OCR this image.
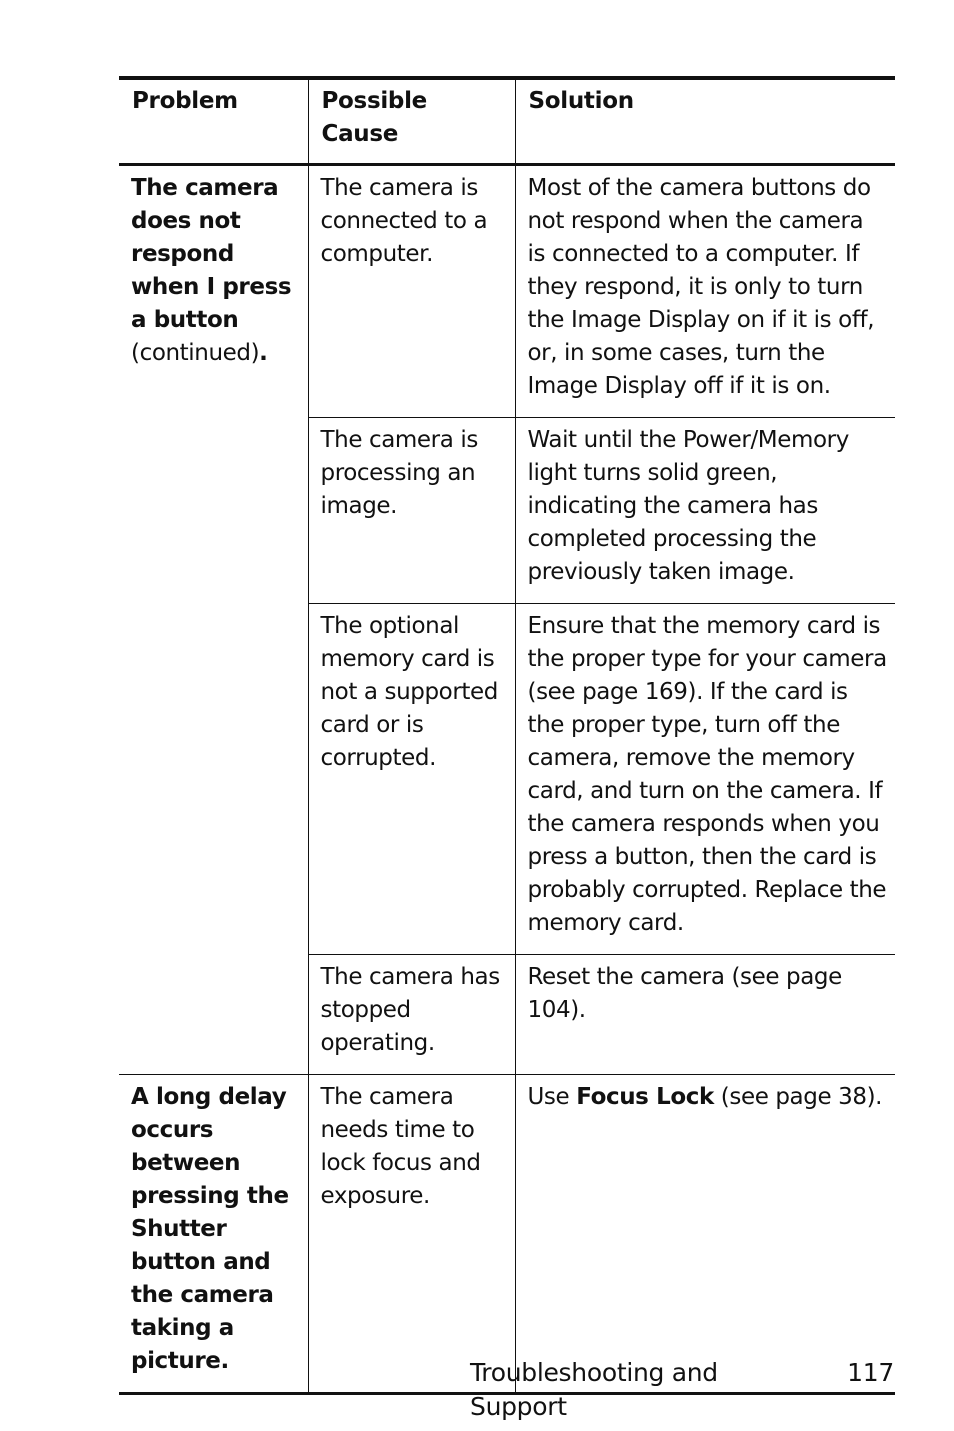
Problem	Possible Cause	Solution
The camera does not respond when I press a button (continued).	The camera is connected to a computer.	Most of the camera buttons do not respond when the camera is connected to a computer. If they respond, it is only to turn the Image Display on if it is off, or, in some cases, turn the Image Display off if it is on.
	The camera is processing an image.	Wait until the Power/Memory light turns solid green, indicating the camera has completed processing the previously taken image.
	The optional memory card is not a supported card or is corrupted.	Ensure that the memory card is the proper type for your camera (see page 169). If the card is the proper type, turn off the camera, remove the memory card, and turn on the camera. If the camera responds when you press a button, then the card is probably corrupted. Replace the memory card.
	The camera has stopped operating.	Reset the camera (see page 104).
A long delay occurs between pressing the Shutter button and the camera taking a picture.	The camera needs time to lock focus and exposure.	Use Focus Lock (see page 38).
Troubleshooting and Support
117
